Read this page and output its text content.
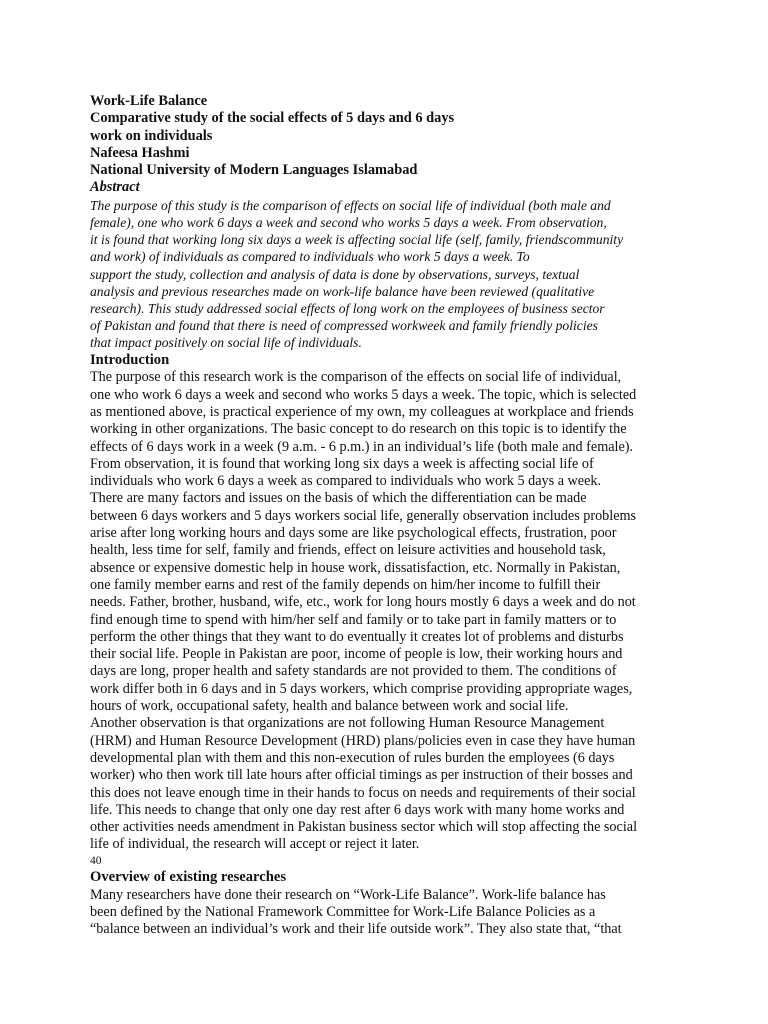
Work-Life Balance

Comparative study of the social effects of 5 days and 6 days

work on individuals

Nafeesa Hashmi

National University of Modern Languages Islamabad

Abstract

The purpose of this study is the comparison of effects on social life of individual (both male and
female), one who work 6 days a week and second who works 5 days a week. From observation,
it is found that working long six days a week is affecting social life (self, family, friendscommunity
and work) of individuals as compared to individuals who work 5 days a week. To
support the study, collection and analysis of data is done by observations, surveys, textual
analysis and previous researches made on work-life balance have been reviewed (qualitative
research). This study addressed social effects of long work on the employees of business sector
of Pakistan and found that there is need of compressed workweek and family friendly policies
that impact positively on social life of individuals.

Introduction

The purpose of this research work is the comparison of the effects on social life of individual,
one who work 6 days a week and second who works 5 days a week. The topic, which is selected
as mentioned above, is practical experience of my own, my colleagues at workplace and friends
working in other organizations. The basic concept to do research on this topic is to identify the
effects of 6 days work in a week (9 a.m. - 6 p.m.) in an individual’s life (both male and female).
From observation, it is found that working long six days a week is affecting social life of
individuals who work 6 days a week as compared to individuals who work 5 days a week.
There are many factors and issues on the basis of which the differentiation can be made
between 6 days workers and 5 days workers social life, generally observation includes problems
arise after long working hours and days some are like psychological effects, frustration, poor
health, less time for self, family and friends, effect on leisure activities and household task,
absence or expensive domestic help in house work, dissatisfaction, etc. Normally in Pakistan,
one family member earns and rest of the family depends on him/her income to fulfill their
needs. Father, brother, husband, wife, etc., work for long hours mostly 6 days a week and do not
find enough time to spend with him/her self and family or to take part in family matters or to
perform the other things that they want to do eventually it creates lot of problems and disturbs
their social life. People in Pakistan are poor, income of people is low, their working hours and
days are long, proper health and safety standards are not provided to them. The conditions of
work differ both in 6 days and in 5 days workers, which comprise providing appropriate wages,
hours of work, occupational safety, health and balance between work and social life.
Another observation is that organizations are not following Human Resource Management
(HRM) and Human Resource Development (HRD) plans/policies even in case they have human
developmental plan with them and this non-execution of rules burden the employees (6 days
worker) who then work till late hours after official timings as per instruction of their bosses and
this does not leave enough time in their hands to focus on needs and requirements of their social
life. This needs to change that only one day rest after 6 days work with many home works and
other activities needs amendment in Pakistan business sector which will stop affecting the social
life of individual, the research will accept or reject it later.

40

Overview of existing researches

Many researchers have done their research on “Work-Life Balance”. Work-life balance has
been defined by the National Framework Committee for Work-Life Balance Policies as a
“balance between an individual’s work and their life outside work”. They also state that, “that
